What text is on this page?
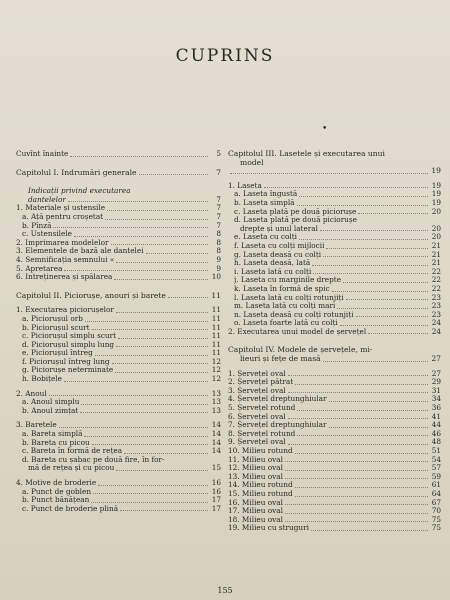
CUPRINS
•
Cuvînt înainte	5
Capitolul I. Îndrumări generale	7
Indicații privind executarea
dantelelor	7
1. Materiale și ustensile	7
a. Ață pentru croșetat	7
b. Pînză	7
c. Ustensilele	8
2. Imprimarea modelelor	8
3. Elementele de bază ale dantelei	8
4. Semnificația semnului «	9
5. Apretarea	9
6. Întreținerea și spălarea	10
Capitolul II. Piciorușe, anouri și barete	11
1. Executarea piciorușelor	11
a. Piciorușul orb	11
b. Piciorușul scurt	11
c. Piciorușul simplu scurt	11
d. Piciorușul simplu lung	11
e. Piciorușul întreg	11
f. Piciorușul întreg lung	12
g. Piciorușe neterminate	12
h. Bobițele	12
2. Anoul	13
a. Anoul simplu	13
b. Anoul zimțat	13
3. Baretele	14
a. Bareta simplă	14
b. Bareta cu picou	14
c. Bareta în formă de rețea	14
d. Bareta cu șabac pe două fire, în for-
mă de rețea și cu picou	15
4. Motive de broderie	16
a. Punct de goblen	16
b. Punct bănățean	17
c. Punct de broderie plină	17
Capitolul III. Lasetele și executarea unui
model
19
1. Laseta	19
a. Laseta îngustă	19
b. Laseta simplă	19
c. Laseta plată pe două piciorușe	20
d. Laseta plată pe două piciorușe
drepte și unul lateral	20
e. Laseta cu colți	20
f. Laseta cu colți mijlocii	21
g. Laseta deasă cu colți	21
h. Laseta deasă, lată	21
i. Laseta lată cu colți	22
j. Laseta cu marginile drepte	22
k. Laseta în formă de spic	22
l. Laseta lată cu colți rotunjiți	23
m. Laseta lată cu colți mari	23
n. Laseta deasă cu colți rotunjiți	23
o. Laseta foarte lată cu colți	24
2. Executarea unui model de șervețel	24
Capitolul IV. Modele de șervețele, mi-
lieuri și fețe de masă	27
1. Șervețel oval	27
2. Șervețel pătrat	29
3. Șervețel oval	31
4. Șervețel dreptunghiular	34
5. Șervețel rotund	36
6. Șervețel oval	41
7. Șervețel dreptunghiular	44
8. Șervețel rotund	46
9. Șervețel oval	48
10. Milieu rotund	51
11. Milieu oval	54
12. Milieu oval	57
13. Milieu oval	59
14. Milieu rotund	61
15. Milieu rotund	64
16. Milieu oval	67
17. Milieu oval	70
18. Milieu oval	75
19. Milieu cu struguri	75
155
